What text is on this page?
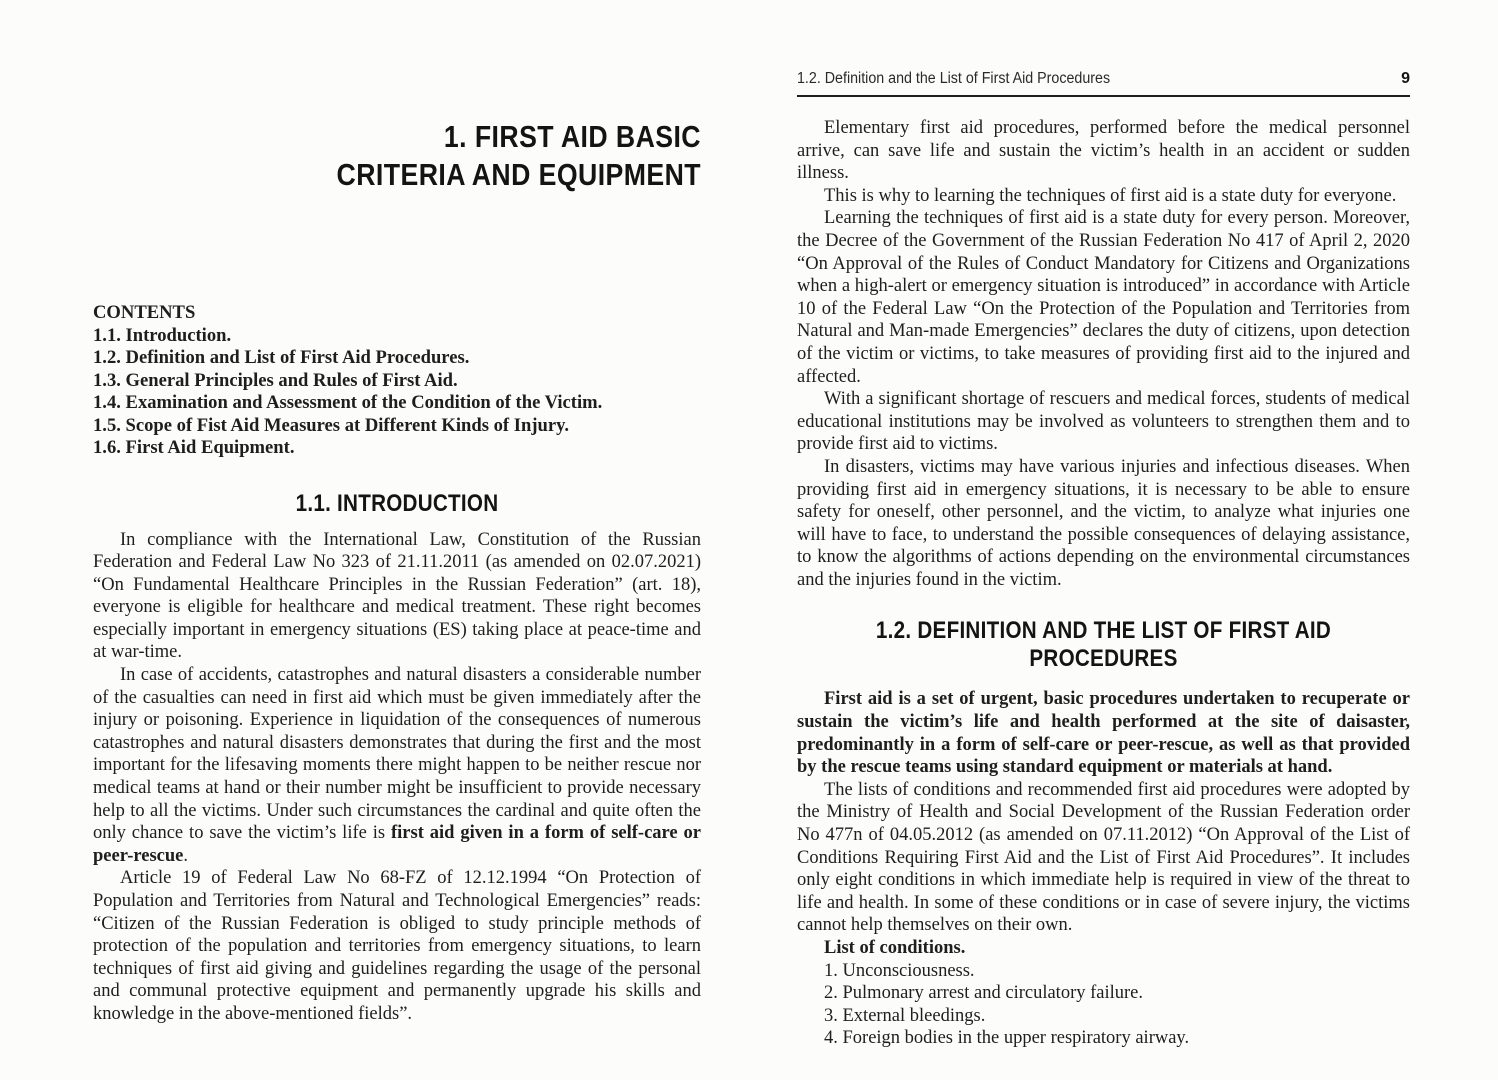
1. FIRST AID BASIC
CRITERIA AND EQUIPMENT
CONTENTS
1.1. Introduction.
1.2. Definition and List of First Aid Procedures.
1.3. General Principles and Rules of First Aid.
1.4. Examination and Assessment of the Condition of the Victim.
1.5. Scope of Fist Aid Measures at Different Kinds of Injury.
1.6. First Aid Equipment.
1.1. INTRODUCTION

In compliance with the International Law, Constitution of the Russian Federation and Federal Law No 323 of 21.11.2011 (as amended on 02.07.2021) “On Fundamental Healthcare Principles in the Russian Federation” (art. 18), everyone is eligible for healthcare and medical treatment. These right becomes especially important in emergency situations (ES) taking place at peace-time and at war-time.

In case of accidents, catastrophes and natural disasters a considerable number of the casualties can need in first aid which must be given immediately after the injury or poisoning. Experience in liquidation of the consequences of numerous catastrophes and natural disasters demonstrates that during the first and the most important for the lifesaving moments there might happen to be neither rescue nor medical teams at hand or their number might be insufficient to provide necessary help to all the victims. Under such circumstances the cardinal and quite often the only chance to save the victim’s life is first aid given in a form of self-care or peer-rescue.

Article 19 of Federal Law No 68-FZ of 12.12.1994 “On Protection of Population and Territories from Natural and Technological Emergencies” reads: “Citizen of the Russian Federation is obliged to study principle methods of protection of the population and territories from emergency situations, to learn techniques of first aid giving and guidelines regarding the usage of the personal and communal protective equipment and permanently upgrade his skills and knowledge in the above-mentioned fields”.

1.2. Definition and the List of First Aid Procedures	9

Elementary first aid procedures, performed before the medical personnel arrive, can save life and sustain the victim’s health in an accident or sudden illness.

This is why to learning the techniques of first aid is a state duty for everyone.

Learning the techniques of first aid is a state duty for every person. Moreover, the Decree of the Government of the Russian Federation No 417 of April 2, 2020 “On Approval of the Rules of Conduct Mandatory for Citizens and Organizations when a high-alert or emergency situation is introduced” in accordance with Article 10 of the Federal Law “On the Protection of the Population and Territories from Natural and Man-made Emergencies” declares the duty of citizens, upon detection of the victim or victims, to take measures of providing first aid to the injured and affected.

With a significant shortage of rescuers and medical forces, students of medical educational institutions may be involved as volunteers to strengthen them and to provide first aid to victims.

In disasters, victims may have various injuries and infectious diseases. When providing first aid in emergency situations, it is necessary to be able to ensure safety for oneself, other personnel, and the victim, to analyze what injuries one will have to face, to understand the possible consequences of delaying assistance, to know the algorithms of actions depending on the environmental circumstances and the injuries found in the victim.

1.2. DEFINITION AND THE LIST OF FIRST AID PROCEDURES

First aid is a set of urgent, basic procedures undertaken to recuperate or sustain the victim’s life and health performed at the site of daisaster, predominantly in a form of self-care or peer-rescue, as well as that provided by the rescue teams using standard equipment or materials at hand.

The lists of conditions and recommended first aid procedures were adopted by the Ministry of Health and Social Development of the Russian Federation order No 477n of 04.05.2012 (as amended on 07.11.2012) “On Approval of the List of Conditions Requiring First Aid and the List of First Aid Procedures”. It includes only eight conditions in which immediate help is required in view of the threat to life and health. In some of these conditions or in case of severe injury, the victims cannot help themselves on their own.

List of conditions.
1. Unconsciousness.
2. Pulmonary arrest and circulatory failure.
3. External bleedings.
4. Foreign bodies in the upper respiratory airway.
